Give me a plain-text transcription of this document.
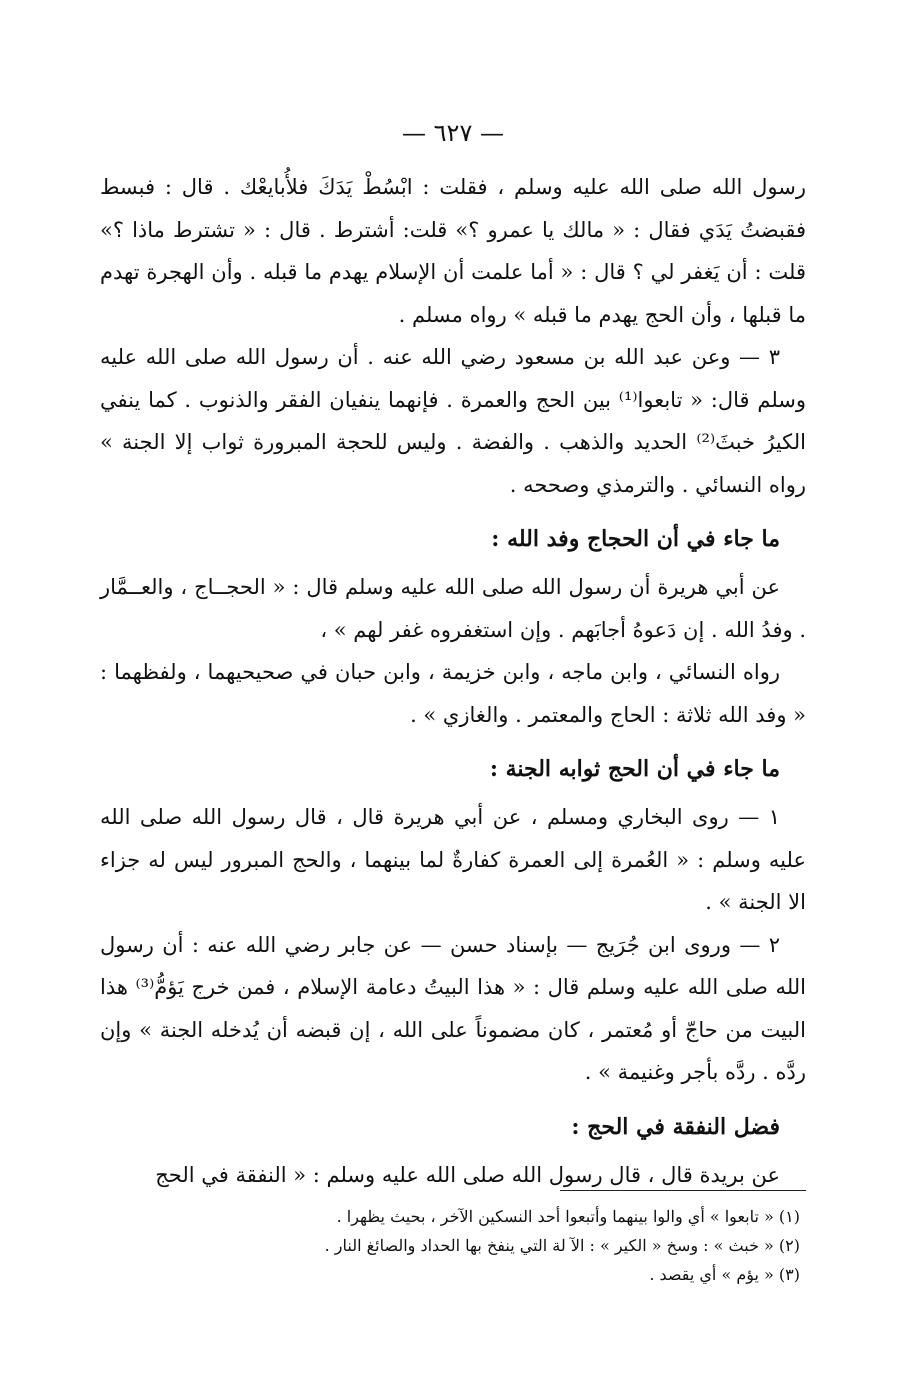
— ٦٢٧ —

رسول الله صلى الله عليه وسلم ، فقلت : ابْسُطْ يَدَكَ فلأُبايعْك . قال : فبسط فقبضتُ يَدَي فقال : « مالك يا عمرو ؟» قلت: أشترط . قال : « تشترط ماذا ؟» قلت : أن يَغفر لي ؟ قال : « أما علمت أن الإسلام يهدم ما قبله . وأن الهجرة تهدم ما قبلها ، وأن الحج يهدم ما قبله » رواه مسلم .

٣ — وعن عبد الله بن مسعود رضي الله عنه . أن رسول الله صلى الله عليه وسلم قال: « تابعوا⁽¹⁾ بين الحج والعمرة . فإنهما ينفيان الفقر والذنوب . كما ينفي الكيرُ خبثَ⁽²⁾ الحديد والذهب . والفضة . وليس للحجة المبرورة ثواب إلا الجنة » رواه النسائي . والترمذي وصححه .

ما جاء في أن الحجاج وفد الله :

عن أبي هريرة أن رسول الله صلى الله عليه وسلم قال : « الحجــاج ، والعــمَّار . وفدُ الله . إن دَعوهُ أجابَهم . وإن استغفروه غفر لهم » ،

رواه النسائي ، وابن ماجه ، وابن خزيمة ، وابن حبان في صحيحيهما ، ولفظهما : « وفد الله ثلاثة : الحاج والمعتمر . والغازي » .

ما جاء في أن الحج ثوابه الجنة :

١ — روى البخاري ومسلم ، عن أبي هريرة قال ، قال رسول الله صلى الله عليه وسلم : « العُمرة إلى العمرة كفارةٌ لما بينهما ، والحج المبرور ليس له جزاء الا الجنة » .

٢ — وروى ابن جُرَيج — بإسناد حسن — عن جابر رضي الله عنه : أن رسول الله صلى الله عليه وسلم قال : « هذا البيتُ دعامة الإسلام ، فمن خرج يَؤمُّ⁽³⁾ هذا البيت من حاجّ أو مُعتمر ، كان مضموناً على الله ، إن قبضه أن يُدخله الجنة » وإن ردَّه . ردَّه بأجر وغنيمة » .

فضل النفقة في الحج :

عن بريدة قال ، قال رسول الله صلى الله عليه وسلم : « النفقة في الحج

(١) « تابعوا » أي والوا بينهما وأتبعوا أحد النسكين الآخر ، بحيث يظهرا .
(٢) « خبث » : وسخ « الكير » : الآ لة التي ينفخ بها الحداد والصائغ النار .
(٣) « يؤم » أي يقصد .
